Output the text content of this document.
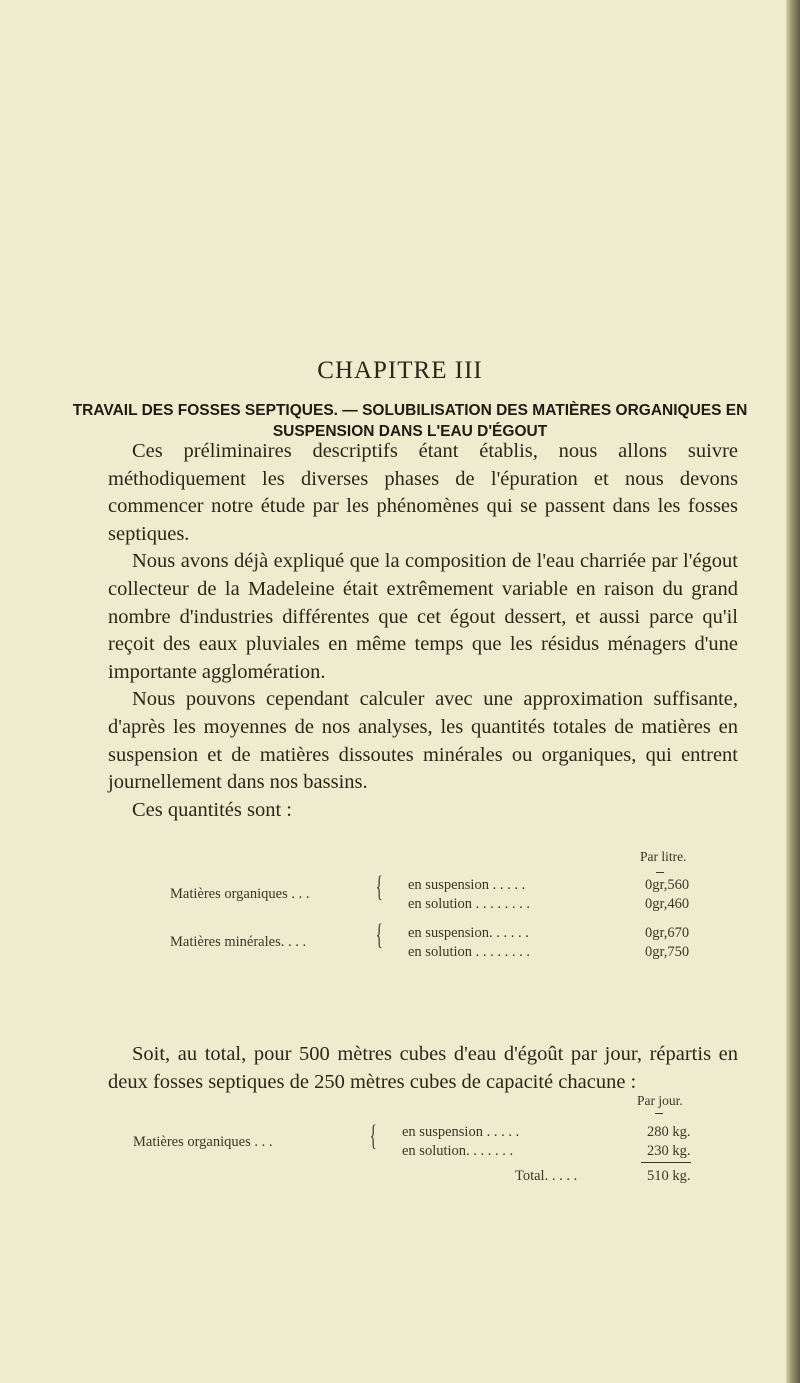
CHAPITRE III
TRAVAIL DES FOSSES SEPTIQUES. — SOLUBILISATION DES MATIÈRES ORGANIQUES EN SUSPENSION DANS L'EAU D'ÉGOUT

Ces préliminaires descriptifs étant établis, nous allons suivre méthodiquement les diverses phases de l'épuration et nous devons commencer notre étude par les phénomènes qui se passent dans les fosses septiques.

Nous avons déjà expliqué que la composition de l'eau charriée par l'égout collecteur de la Madeleine était extrêmement variable en raison du grand nombre d'industries différentes que cet égout dessert, et aussi parce qu'il reçoit des eaux pluviales en même temps que les résidus ménagers d'une importante agglomération.

Nous pouvons cependant calculer avec une approximation suffisante, d'après les moyennes de nos analyses, les quantités totales de matières en suspension et de matières dissoutes minérales ou organiques, qui entrent journellement dans nos bassins.

Ces quantités sont :

Par litre.
Matières organiques . . . { en suspension . . . . .	0gr,560
en solution . . . . . . . .	0gr,460
Matières minérales. . . . { en suspension. . . . . .	0gr,670
en solution . . . . . . . .	0gr,750
Soit, au total, pour 500 mètres cubes d'eau d'égoût par jour, répartis en deux fosses septiques de 250 mètres cubes de capacité chacune :
Par jour.
Matières organiques . . .	{ en suspension . . . . .	280 kg.
en solution. . . . . . .	230 kg.
Total. . . . .	510 kg.
